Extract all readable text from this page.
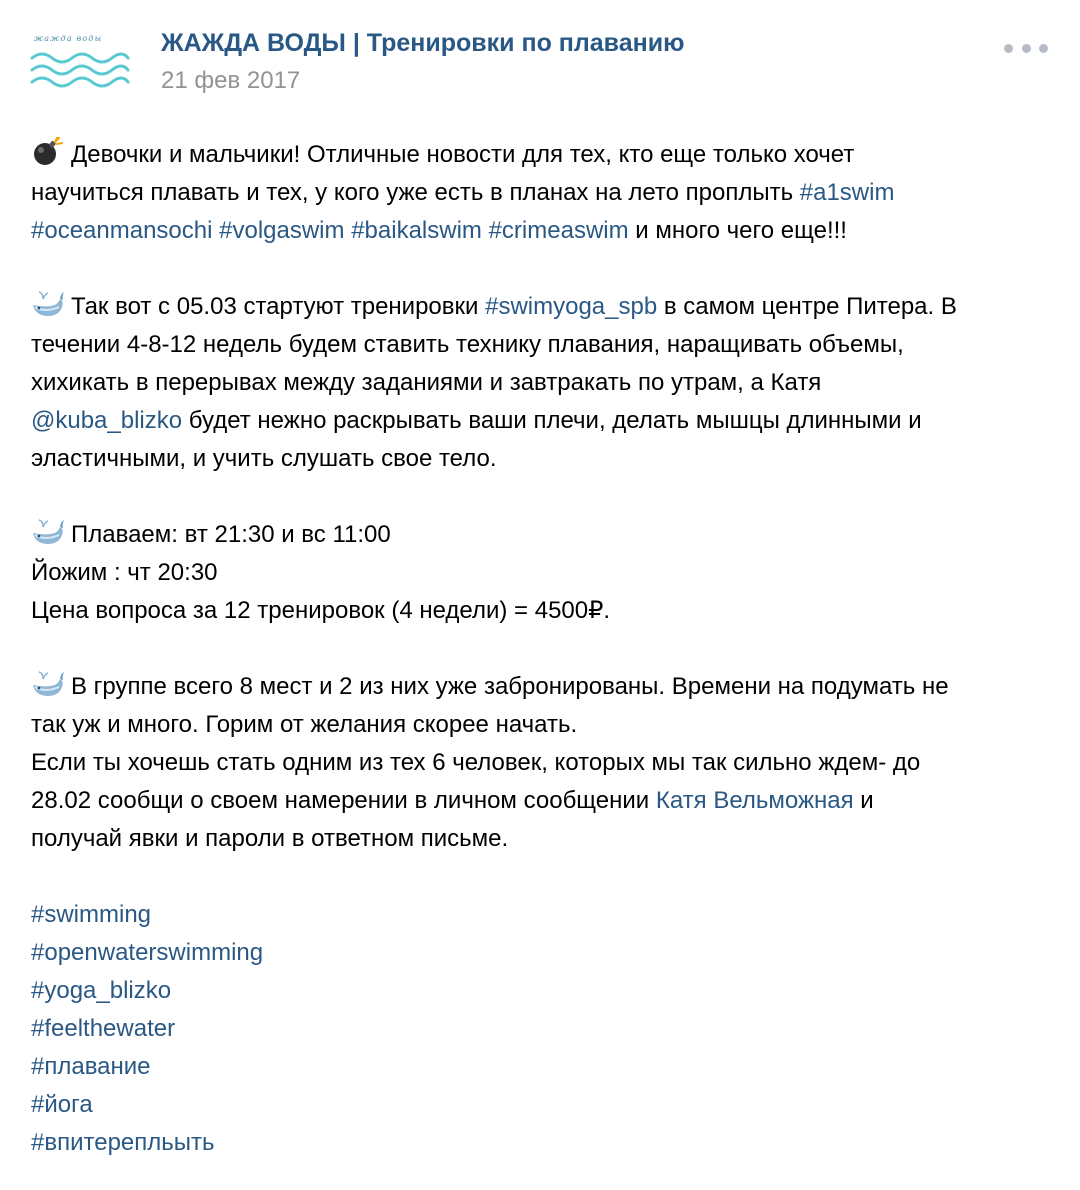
жажда воды ЖАЖДА ВОДЫ | Тренировки по плаванию
21 фев 2017
Девочки и мальчики! Отличные новости для тех, кто еще только хочет
научиться плавать и тех, у кого уже есть в планах на лето проплыть #a1swim
#oceanmansochi #volgaswim #baikalswim #crimeaswim и много чего еще!!!
Так вот с 05.03 стартуют тренировки #swimyoga_spb в самом центре Питера. В
течении 4-8-12 недель будем ставить технику плавания, наращивать объемы,
хихикать в перерывах между заданиями и завтракать по утрам, а Катя
@kuba_blizko будет нежно раскрывать ваши плечи, делать мышцы длинными и
эластичными, и учить слушать свое тело.
Плаваем: вт 21:30 и вс 11:00
Йожим : чт 20:30
Цена вопроса за 12 тренировок (4 недели) = 4500₽.
В группе всего 8 мест и 2 из них уже забронированы. Времени на подумать не
так уж и много. Горим от желания скорее начать.
Если ты хочешь стать одним из тех 6 человек, которых мы так сильно ждем- до
28.02 сообщи о своем намерении в личном сообщении Катя Вельможная и
получай явки и пароли в ответном письме.
#swimming
#openwaterswimming
#yoga_blizko
#feelthewater
#плавание
#йога
#впитерепльыть
